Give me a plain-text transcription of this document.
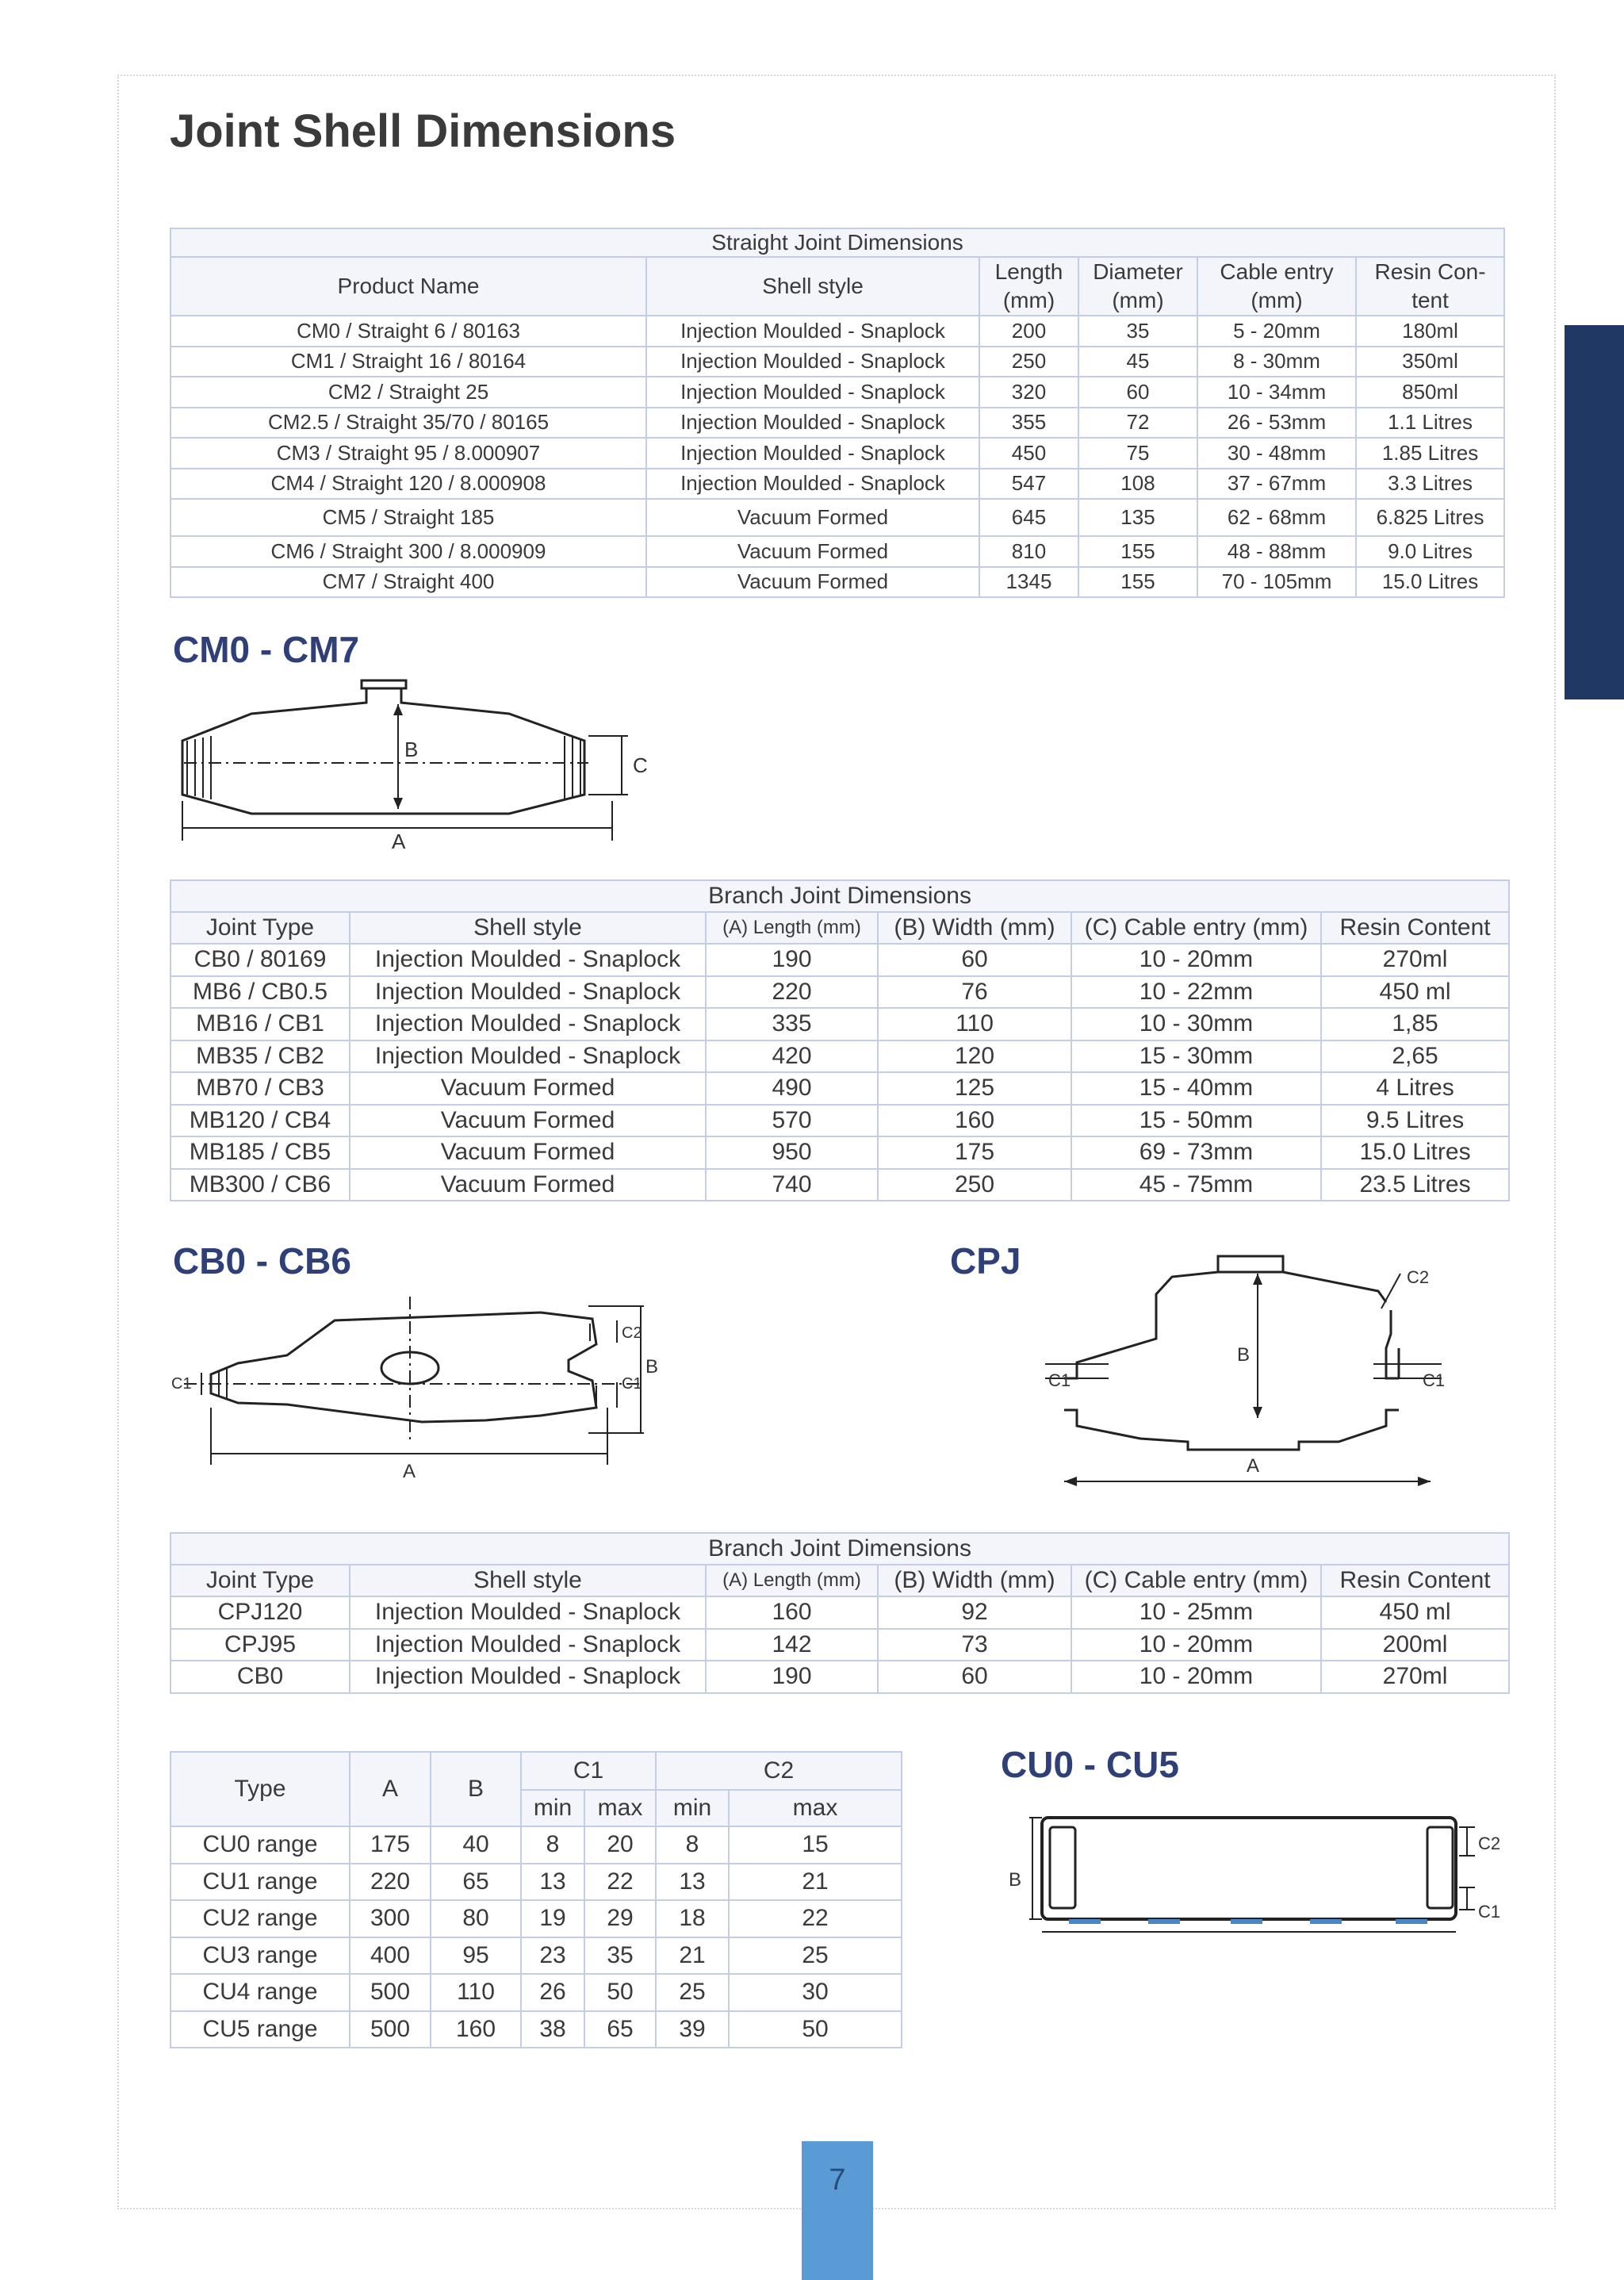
Joint Shell Dimensions
Straight Joint Dimensions					
Product Name	Shell style	Length (mm)	Diameter (mm)	Cable entry (mm)	Resin Con-tent
CM0 / Straight 6 / 80163	Injection Moulded - Snaplock	200	35	5 - 20mm	180ml
CM1 / Straight 16 / 80164	Injection Moulded - Snaplock	250	45	8 - 30mm	350ml
CM2 / Straight 25	Injection Moulded - Snaplock	320	60	10 - 34mm	850ml
CM2.5 / Straight 35/70 / 80165	Injection Moulded - Snaplock	355	72	26 - 53mm	1.1 Litres
CM3 / Straight 95 / 8.000907	Injection Moulded - Snaplock	450	75	30 - 48mm	1.85 Litres
CM4 / Straight 120 / 8.000908	Injection Moulded - Snaplock	547	108	37 - 67mm	3.3 Litres
CM5 / Straight 185	Vacuum Formed	645	135	62 - 68mm	6.825 Litres
CM6 / Straight 300 / 8.000909	Vacuum Formed	810	155	48 - 88mm	9.0 Litres
CM7 / Straight 400	Vacuum Formed	1345	155	70 - 105mm	15.0 Litres
CM0 - CM7
B
C
A
Branch Joint Dimensions					
Joint Type	Shell style	(A) Length (mm)	(B) Width (mm)	(C) Cable entry (mm)	Resin Content
CB0 / 80169	Injection Moulded - Snaplock	190	60	10 - 20mm	270ml
MB6 / CB0.5	Injection Moulded - Snaplock	220	76	10 - 22mm	450 ml
MB16 / CB1	Injection Moulded - Snaplock	335	110	10 - 30mm	1,85
MB35 / CB2	Injection Moulded - Snaplock	420	120	15 - 30mm	2,65
MB70 / CB3	Vacuum Formed	490	125	15 - 40mm	4 Litres
MB120 / CB4	Vacuum Formed	570	160	15 - 50mm	9.5 Litres
MB185 / CB5	Vacuum Formed	950	175	69 - 73mm	15.0 Litres
MB300 / CB6	Vacuum Formed	740	250	45 - 75mm	23.5 Litres
CB0 - CB6	CPJ
C2
C1
C1
B
A
C2
C1	C1
B
A
Branch Joint Dimensions					
Joint Type	Shell style	(A) Length (mm)	(B) Width (mm)	(C) Cable entry (mm)	Resin Content
CPJ120	Injection Moulded - Snaplock	160	92	10 - 25mm	450 ml
CPJ95	Injection Moulded - Snaplock	142	73	10 - 20mm	200ml
CB0	Injection Moulded - Snaplock	190	60	10 - 20mm	270ml
Type	A	B	C1		C2	
			min	max	min	max
CU0 range	175	40	8	20	8	15
CU1 range	220	65	13	22	13	21
CU2 range	300	80	19	29	18	22
CU3 range	400	95	23	35	21	25
CU4 range	500	110	26	50	25	30
CU5 range	500	160	38	65	39	50
CU0 - CU5
B
C2
C1
7
